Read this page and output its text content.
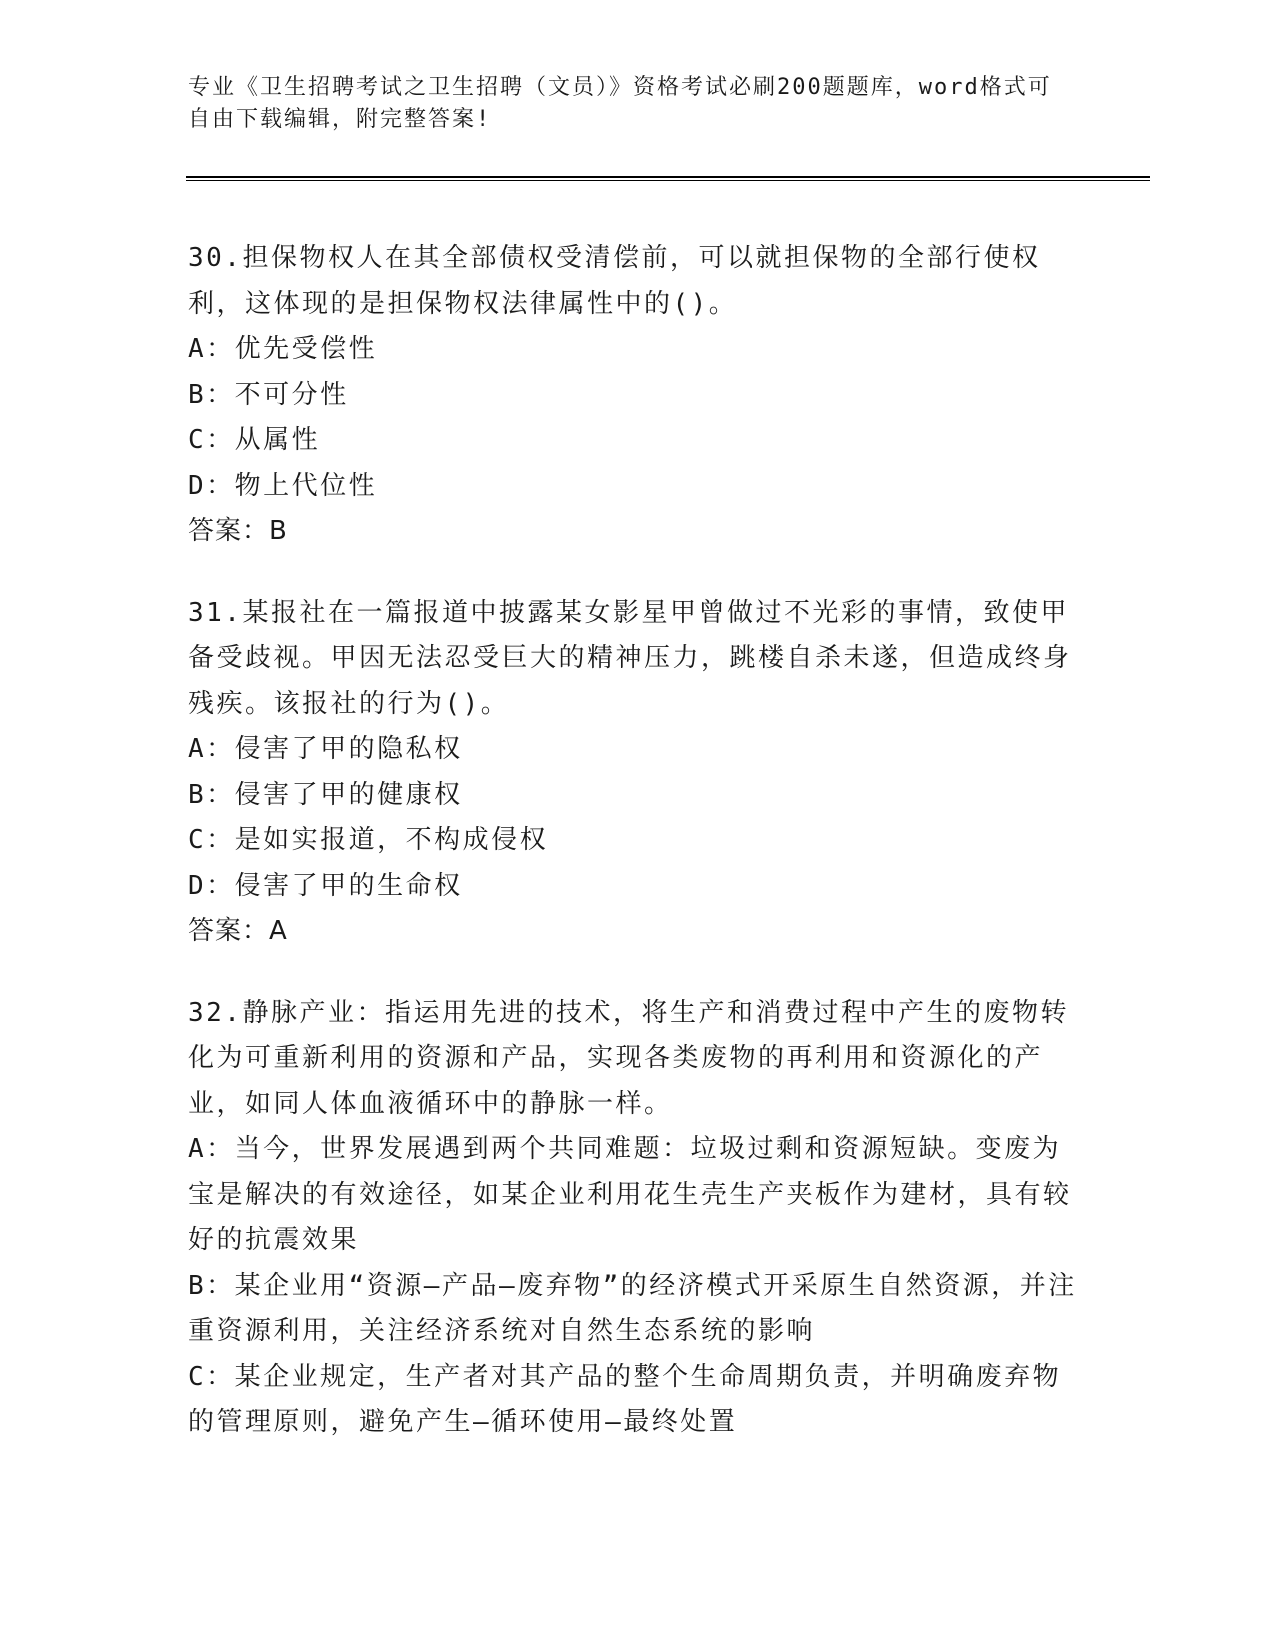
专业《卫生招聘考试之卫生招聘（文员）》资格考试必刷200题题库，word格式可自由下载编辑，附完整答案!
30.担保物权人在其全部债权受清偿前，可以就担保物的全部行使权利，这体现的是担保物权法律属性中的()。
A：优先受偿性
B：不可分性
C：从属性
D：物上代位性
答案：B
31.某报社在一篇报道中披露某女影星甲曾做过不光彩的事情，致使甲备受歧视。甲因无法忍受巨大的精神压力，跳楼自杀未遂，但造成终身残疾。该报社的行为()。
A：侵害了甲的隐私权
B：侵害了甲的健康权
C：是如实报道，不构成侵权
D：侵害了甲的生命权
答案：A
32.静脉产业：指运用先进的技术，将生产和消费过程中产生的废物转化为可重新利用的资源和产品，实现各类废物的再利用和资源化的产业，如同人体血液循环中的静脉一样。
A：当今，世界发展遇到两个共同难题：垃圾过剩和资源短缺。变废为宝是解决的有效途径，如某企业利用花生壳生产夹板作为建材，具有较好的抗震效果
B：某企业用“资源—产品—废弃物”的经济模式开采原生自然资源，并注重资源利用，关注经济系统对自然生态系统的影响
C：某企业规定，生产者对其产品的整个生命周期负责，并明确废弃物的管理原则，避免产生—循环使用—最终处置
